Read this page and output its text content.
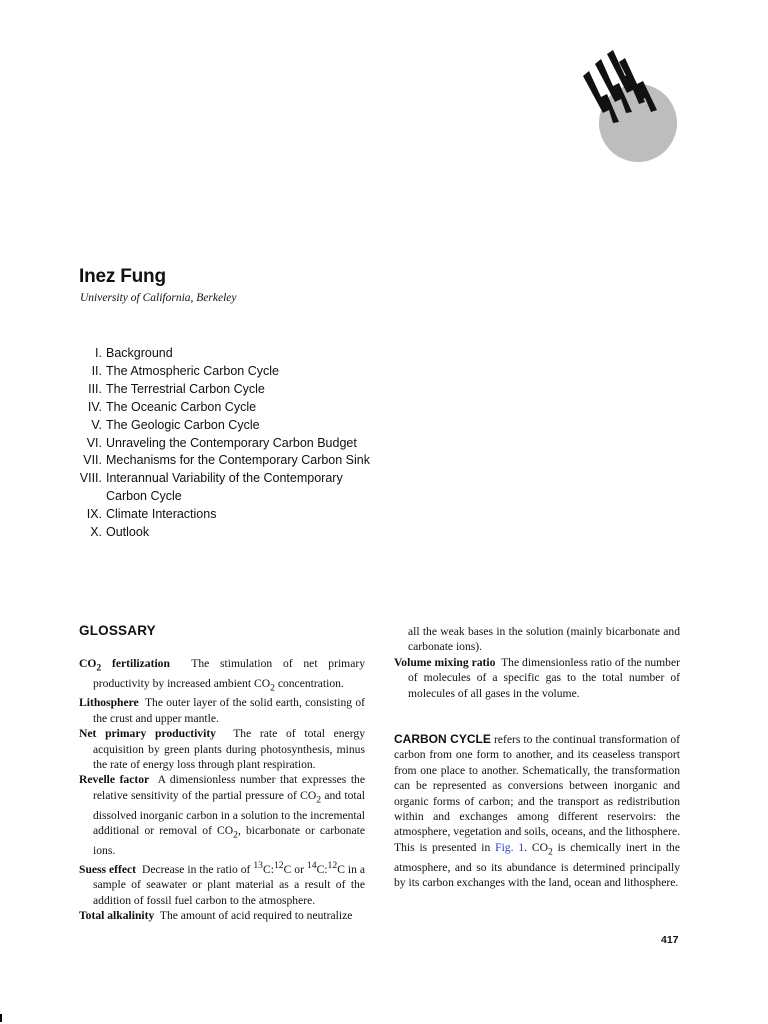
Inez Fung
University of California, Berkeley
I. Background
II. The Atmospheric Carbon Cycle
III. The Terrestrial Carbon Cycle
IV. The Oceanic Carbon Cycle
V. The Geologic Carbon Cycle
VI. Unraveling the Contemporary Carbon Budget
VII. Mechanisms for the Contemporary Carbon Sink
VIII. Interannual Variability of the Contemporary Carbon Cycle
IX. Climate Interactions
X. Outlook
GLOSSARY

$CO_2$ fertilization The stimulation of net primary productivity by increased ambient $CO_2$ concentration.

Lithosphere The outer layer of the solid earth, consisting of the crust and upper mantle.

Net primary productivity The rate of total energy acquisition by green plants during photosynthesis, minus the rate of energy loss through plant respiration.

Revelle factor A dimensionless number that expresses the relative sensitivity of the partial pressure of $CO_2$ and total dissolved inorganic carbon in a solution to the incremental additional or removal of $CO_2$, bicarbonate or carbonate ions.

Suess effect Decrease in the ratio of $^{13}$C:$^{12}$C or $^{14}$C:$^{12}$C in a sample of seawater or plant material as a result of the addition of fossil fuel carbon to the atmosphere.

Total alkalinity The amount of acid required to neutralize

all the weak bases in the solution (mainly bicarbonate and carbonate ions).

Volume mixing ratio The dimensionless ratio of the number of molecules of a specific gas to the total number of molecules of all gases in the volume.

CARBON CYCLE refers to the continual transformation of carbon from one form to another, and its ceaseless transport from one place to another. Schematically, the transformation can be represented as conversions between inorganic and organic forms of carbon; and the transport as redistribution within and exchanges among different reservoirs: the atmosphere, vegetation and soils, oceans, and the lithosphere. This is presented in Fig. 1. $CO_2$ is chemically inert in the atmosphere, and so its abundance is determined principally by its carbon exchanges with the land, ocean and lithosphere.

417
